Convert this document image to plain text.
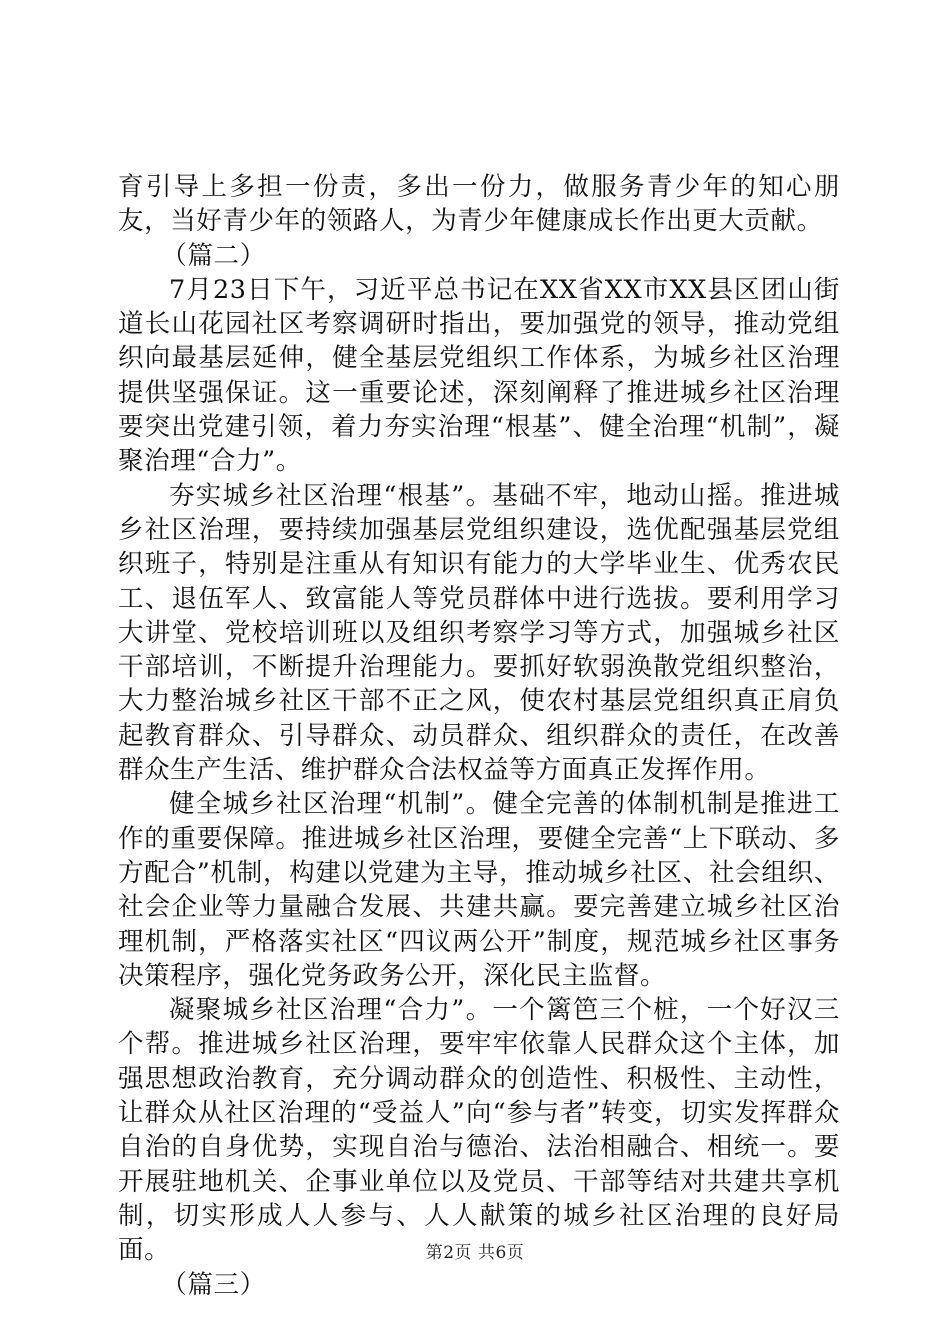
育引导上多担一份责，多出一份力，做服务青少年的知心朋友，当好青少年的领路人，为青少年健康成长作出更大贡献。

（篇二）

7月23日下午，习近平总书记在XX省XX市XX县区团山街道长山花园社区考察调研时指出，要加强党的领导，推动党组织向最基层延伸，健全基层党组织工作体系，为城乡社区治理提供坚强保证。这一重要论述，深刻阐释了推进城乡社区治理要突出党建引领，着力夯实治理“根基”、健全治理“机制”，凝聚治理“合力”。

夯实城乡社区治理“根基”。基础不牢，地动山摇。推进城乡社区治理，要持续加强基层党组织建设，选优配强基层党组织班子，特别是注重从有知识有能力的大学毕业生、优秀农民工、退伍军人、致富能人等党员群体中进行选拔。要利用学习大讲堂、党校培训班以及组织考察学习等方式，加强城乡社区干部培训，不断提升治理能力。要抓好软弱涣散党组织整治，大力整治城乡社区干部不正之风，使农村基层党组织真正肩负起教育群众、引导群众、动员群众、组织群众的责任，在改善群众生产生活、维护群众合法权益等方面真正发挥作用。

健全城乡社区治理“机制”。健全完善的体制机制是推进工作的重要保障。推进城乡社区治理，要健全完善“上下联动、多方配合”机制，构建以党建为主导，推动城乡社区、社会组织、社会企业等力量融合发展、共建共赢。要完善建立城乡社区治理机制，严格落实社区“四议两公开”制度，规范城乡社区事务决策程序，强化党务政务公开，深化民主监督。

凝聚城乡社区治理“合力”。一个篱笆三个桩，一个好汉三个帮。推进城乡社区治理，要牢牢依靠人民群众这个主体，加强思想政治教育，充分调动群众的创造性、积极性、主动性，让群众从社区治理的“受益人”向“参与者”转变，切实发挥群众自治的自身优势，实现自治与德治、法治相融合、相统一。要开展驻地机关、企事业单位以及党员、干部等结对共建共享机制，切实形成人人参与、人人献策的城乡社区治理的良好局面。

（篇三）

第2页 共6页
